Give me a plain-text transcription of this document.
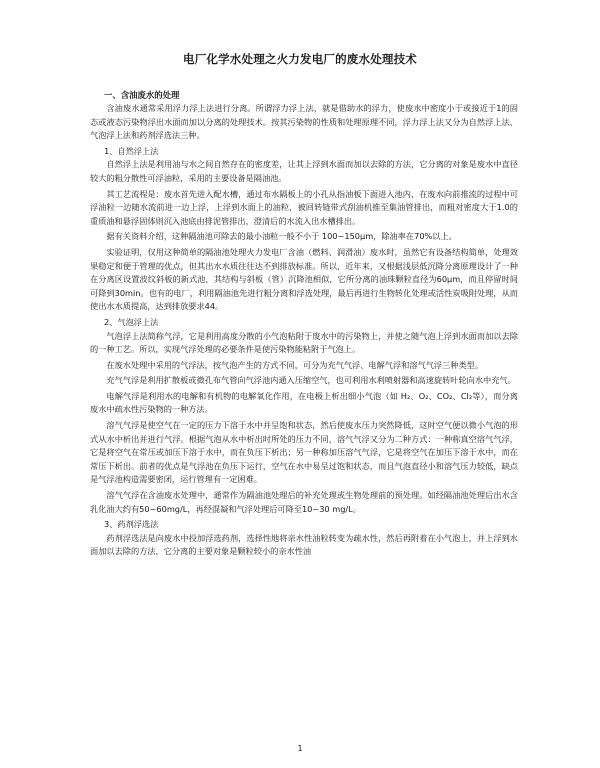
电厂化学水处理之火力发电厂的废水处理技术
一、含油废水的处理

含油废水通常采用浮力浮上法进行分离。所谓浮力浮上法，就是借助水的浮力，使废水中密度小于或接近于1的固态或液态污染物浮出水面而加以分离的处理技术。按其污染物的性质和处理原理不同，浮力浮上法又分为自然浮上法、气泡浮上法和药剂浮选法三种。

1、自然浮上法

自然浮上法是利用油与水之间自然存在的密度差，让其上浮到水面而加以去除的方法，它分离的对象是废水中直径较大的粗分散性可浮油粒，采用的主要设备是隔油池。

其工艺流程是：废水首先进入配水槽，通过布水隔板上的小孔从指油板下面进入池内，在废水向前推流的过程中可浮油粒一边随水流前进一边上浮，上浮到水面上的油粒，被回转链带式刮油机推至集油管排出，而粗对密度大于1.0的重质油和悬浮固体则沉入池底由排泥管排出，澄清后的水流入出水槽排出。

据有关资料介绍，这种隔油池可除去的最小油粒一般不小于 100~150μm，除油率在70%以上。

实验证明，仅用这种简单的隔油池处理火力发电厂含油（燃料、润滑油）废水时，虽然它有设备结构简单，处理效果稳定和便于管理的优点，但其出水水质往往达不到排放标准。所以，近年来，又根据浅层低沉降分离原理设计了一种在分离区设置波纹斜板的新式池，其结构与斜板（管）沉降池相似，它所分离的油珠颗粒直径为60μm，而且停留时间可降到30min。也有的电厂，利用隔油池先进行粗分离和浮选处理，最后再进行生物转化处理或活性炭吸附处理，从而使出水水质提高，达到排放要求44。

2、气泡浮上法

气泡浮上法简称气浮，它是利用高度分散的小气泡粘附于废水中的污染物上，并使之随气泡上浮到水面而加以去除的一种工艺。所以，实现气浮处理的必要条件是使污染物能粘附于气泡上。

在废水处理中采用的气浮法，按气泡产生的方式不同，可分为充气气浮、电解气浮和溶气气浮三种类型。

充气气浮是利用扩散板或微孔布气管向气浮池内通入压缩空气，也可利用水利喷射器和高速旋转叶轮向水中充气。

电解气浮是利用水的电解和有机物的电解氧化作用，在电极上析出细小气泡（如 H₂、O₂、CO₂、Cl₂等），而分离废水中疏水性污染物的一种方法。

溶气气浮是使空气在一定的压力下溶于水中并呈饱和状态，然后使废水压力突然降低，这时空气便以微小气泡的形式从水中析出并进行气浮。根据气泡从水中析出时所处的压力不同，溶气气浮又分为二种方式：一种称真空溶气气浮，它是将空气在常压或加压下溶于水中，而在负压下析出；另一种称加压溶气气浮，它是将空气在加压下溶于水中，而在常压下析出。前者的优点是气浮池在负压下运行，空气在水中易呈过饱和状态，而且气泡直径小和溶气压力较低，缺点是气浮池构造需要密闭，运行管理有一定困难。

溶气气浮在含油废水处理中，通常作为隔油池处理后的补充处理或生物处理前的预处理。如经隔油池处理后出水含乳化油大约有50~60mg/L，再经混凝和气浮处理后可降至10~30 mg/L。

3、药剂浮选法

药剂浮选法是向废水中投加浮选药剂，选择性地将亲水性油粒转变为疏水性，然后再附着在小气泡上，并上浮到水面加以去除的方法，它分离的主要对象是颗粒较小的亲水性油

1
